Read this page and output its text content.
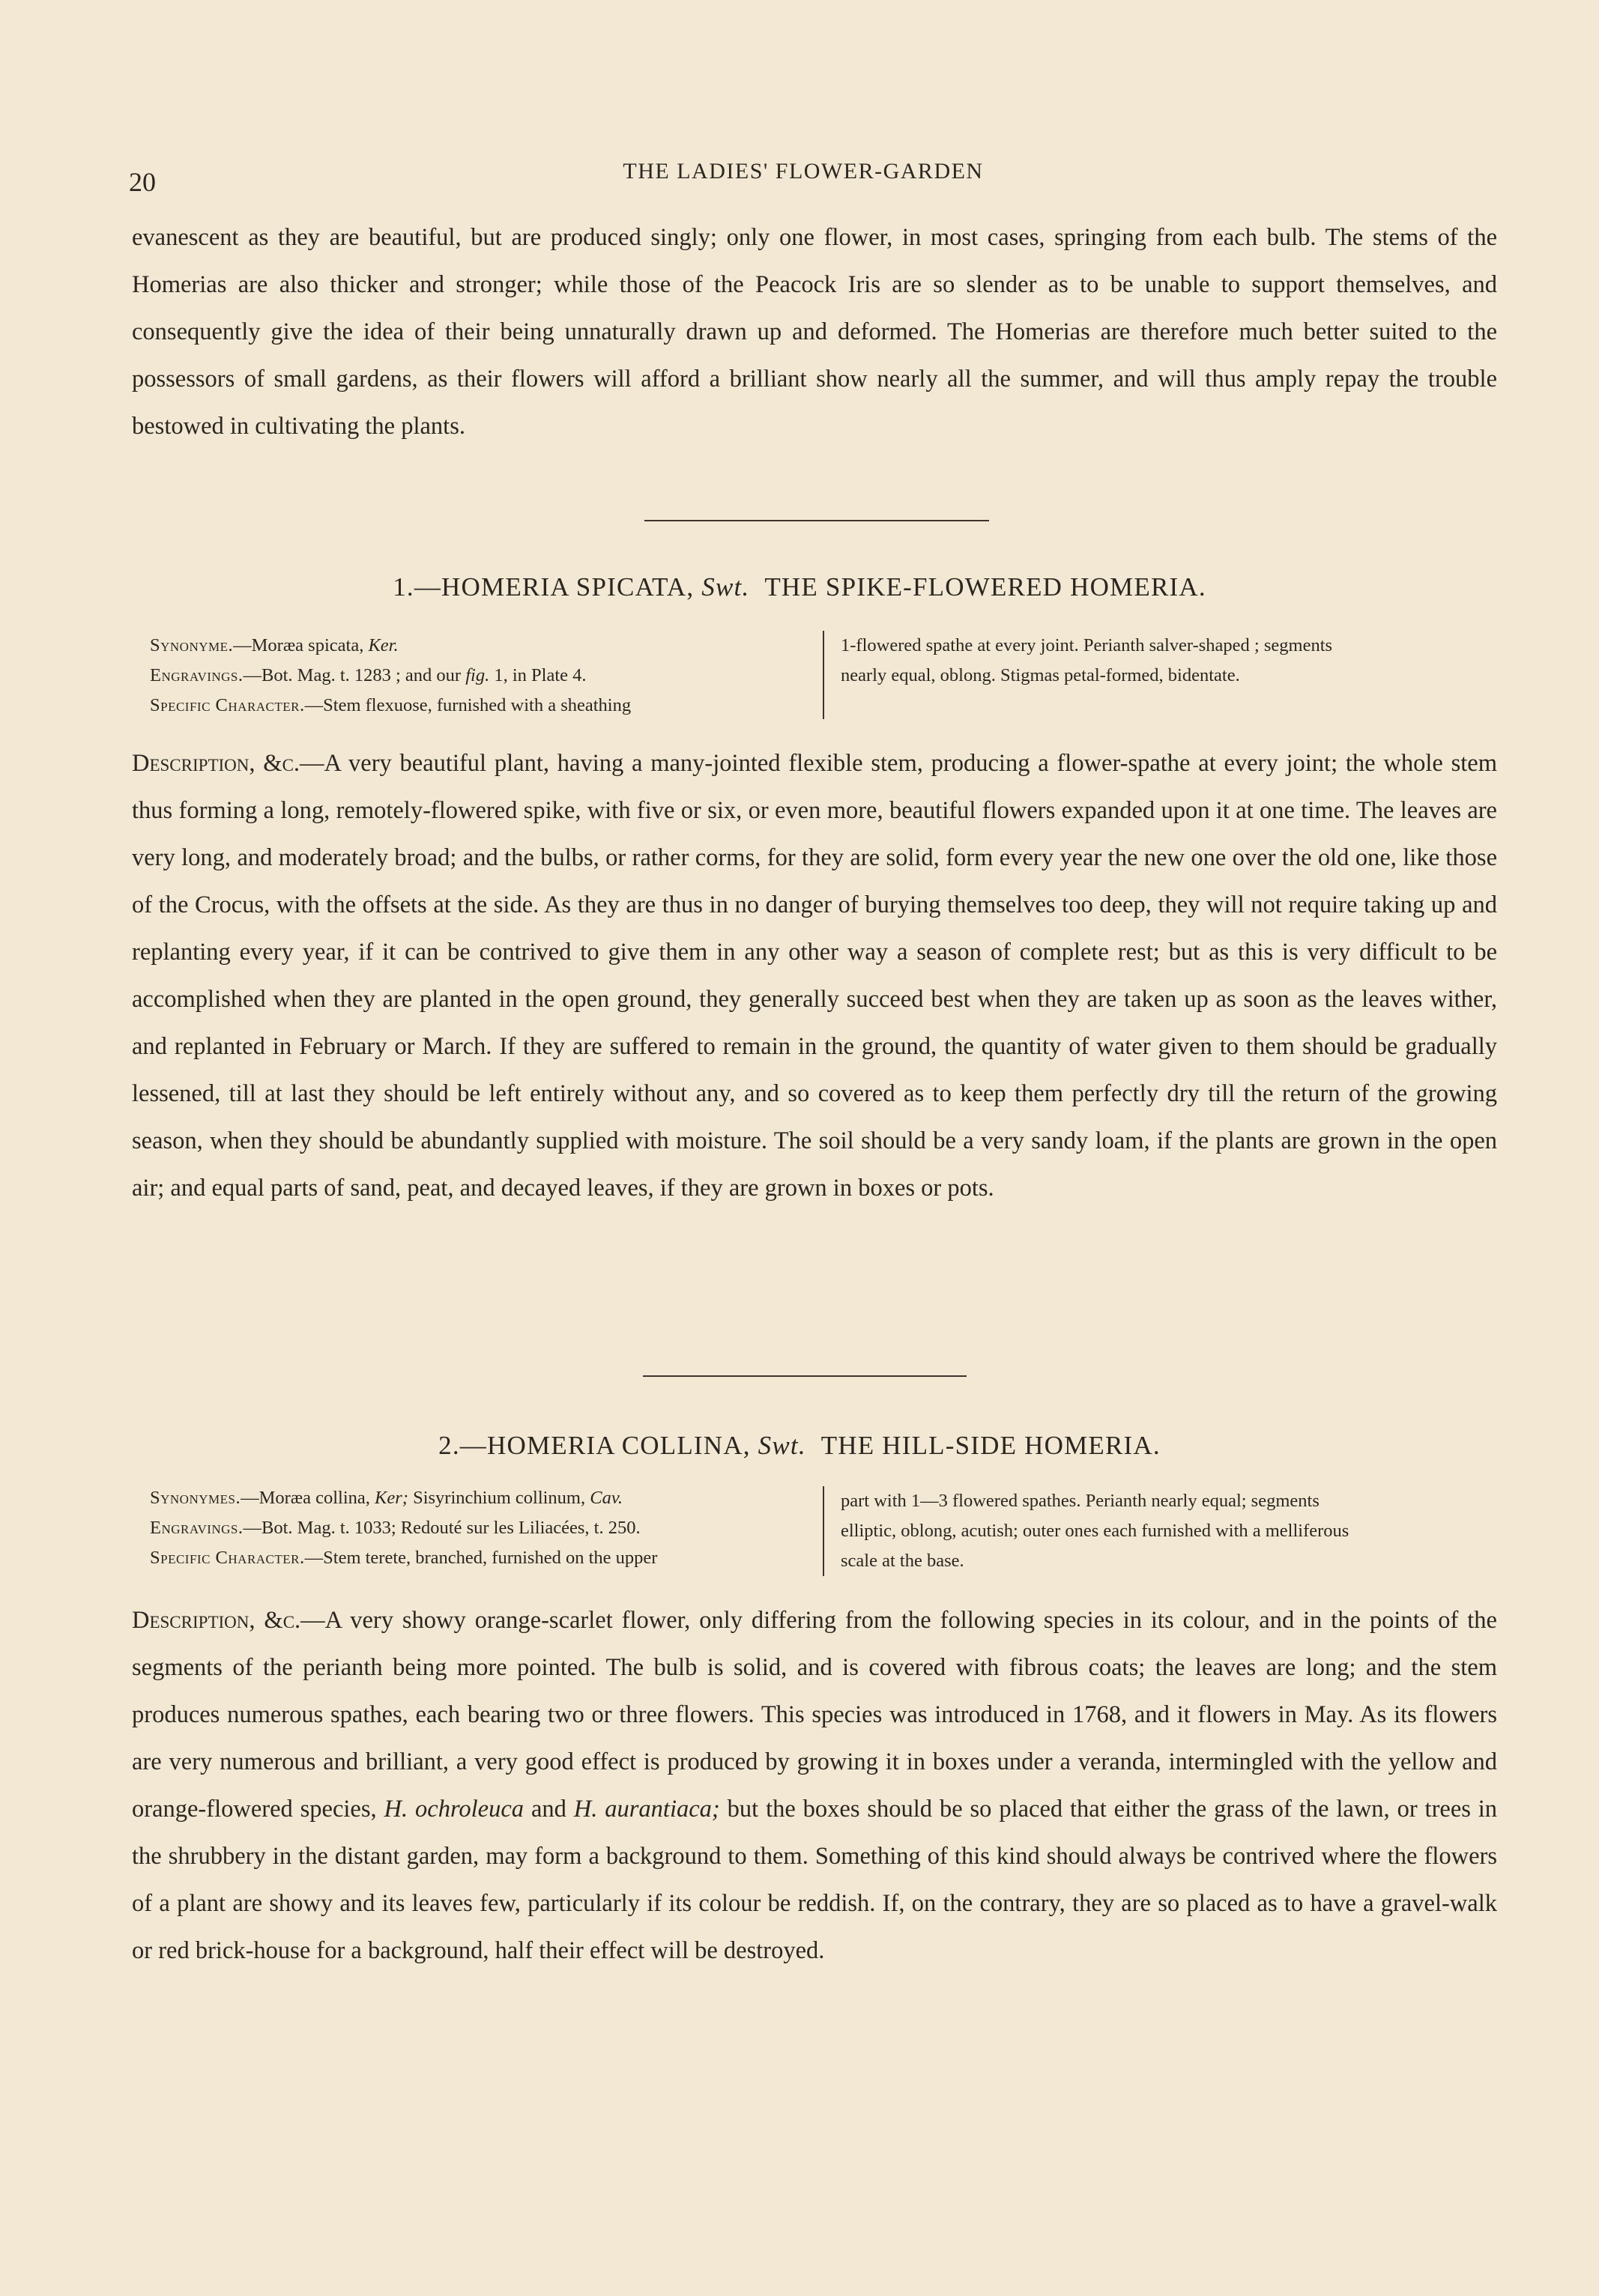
20	THE LADIES' FLOWER-GARDEN

evanescent as they are beautiful, but are produced singly; only one flower, in most cases, springing from each bulb. The stems of the Homerias are also thicker and stronger; while those of the Peacock Iris are so slender as to be unable to support themselves, and consequently give the idea of their being unnaturally drawn up and deformed. The Homerias are therefore much better suited to the possessors of small gardens, as their flowers will afford a brilliant show nearly all the summer, and will thus amply repay the trouble bestowed in cultivating the plants.

1.—HOMERIA SPICATA, Swt. THE SPIKE-FLOWERED HOMERIA.
Synonyme.—Moræa spicata, Ker.
Engravings.—Bot. Mag. t. 1283 ; and our fig. 1, in Plate 4.
Specific Character.—Stem flexuose, furnished with a sheathing
1-flowered spathe at every joint. Perianth salver-shaped ; segments
nearly equal, oblong. Stigmas petal-formed, bidentate.

Description, &c.—A very beautiful plant, having a many-jointed flexible stem, producing a flower-spathe at every joint; the whole stem thus forming a long, remotely-flowered spike, with five or six, or even more, beautiful flowers expanded upon it at one time. The leaves are very long, and moderately broad; and the bulbs, or rather corms, for they are solid, form every year the new one over the old one, like those of the Crocus, with the offsets at the side. As they are thus in no danger of burying themselves too deep, they will not require taking up and replanting every year, if it can be contrived to give them in any other way a season of complete rest; but as this is very difficult to be accomplished when they are planted in the open ground, they generally succeed best when they are taken up as soon as the leaves wither, and replanted in February or March. If they are suffered to remain in the ground, the quantity of water given to them should be gradually lessened, till at last they should be left entirely without any, and so covered as to keep them perfectly dry till the return of the growing season, when they should be abundantly supplied with moisture. The soil should be a very sandy loam, if the plants are grown in the open air; and equal parts of sand, peat, and decayed leaves, if they are grown in boxes or pots.

2.—HOMERIA COLLINA, Swt. THE HILL-SIDE HOMERIA.
Synonymes.—Moræa collina, Ker; Sisyrinchium collinum, Cav.
Engravings.—Bot. Mag. t. 1033; Redouté sur les Liliacées, t. 250.
Specific Character.—Stem terete, branched, furnished on the upper
part with 1—3 flowered spathes. Perianth nearly equal; segments
elliptic, oblong, acutish; outer ones each furnished with a melliferous
scale at the base.

Description, &c.—A very showy orange-scarlet flower, only differing from the following species in its colour, and in the points of the segments of the perianth being more pointed. The bulb is solid, and is covered with fibrous coats; the leaves are long; and the stem produces numerous spathes, each bearing two or three flowers. This species was introduced in 1768, and it flowers in May. As its flowers are very numerous and brilliant, a very good effect is produced by growing it in boxes under a veranda, intermingled with the yellow and orange-flowered species, H. ochroleuca and H. aurantiaca; but the boxes should be so placed that either the grass of the lawn, or trees in the shrubbery in the distant garden, may form a background to them. Something of this kind should always be contrived where the flowers of a plant are showy and its leaves few, particularly if its colour be reddish. If, on the contrary, they are so placed as to have a gravel-walk or red brick-house for a background, half their effect will be destroyed.
